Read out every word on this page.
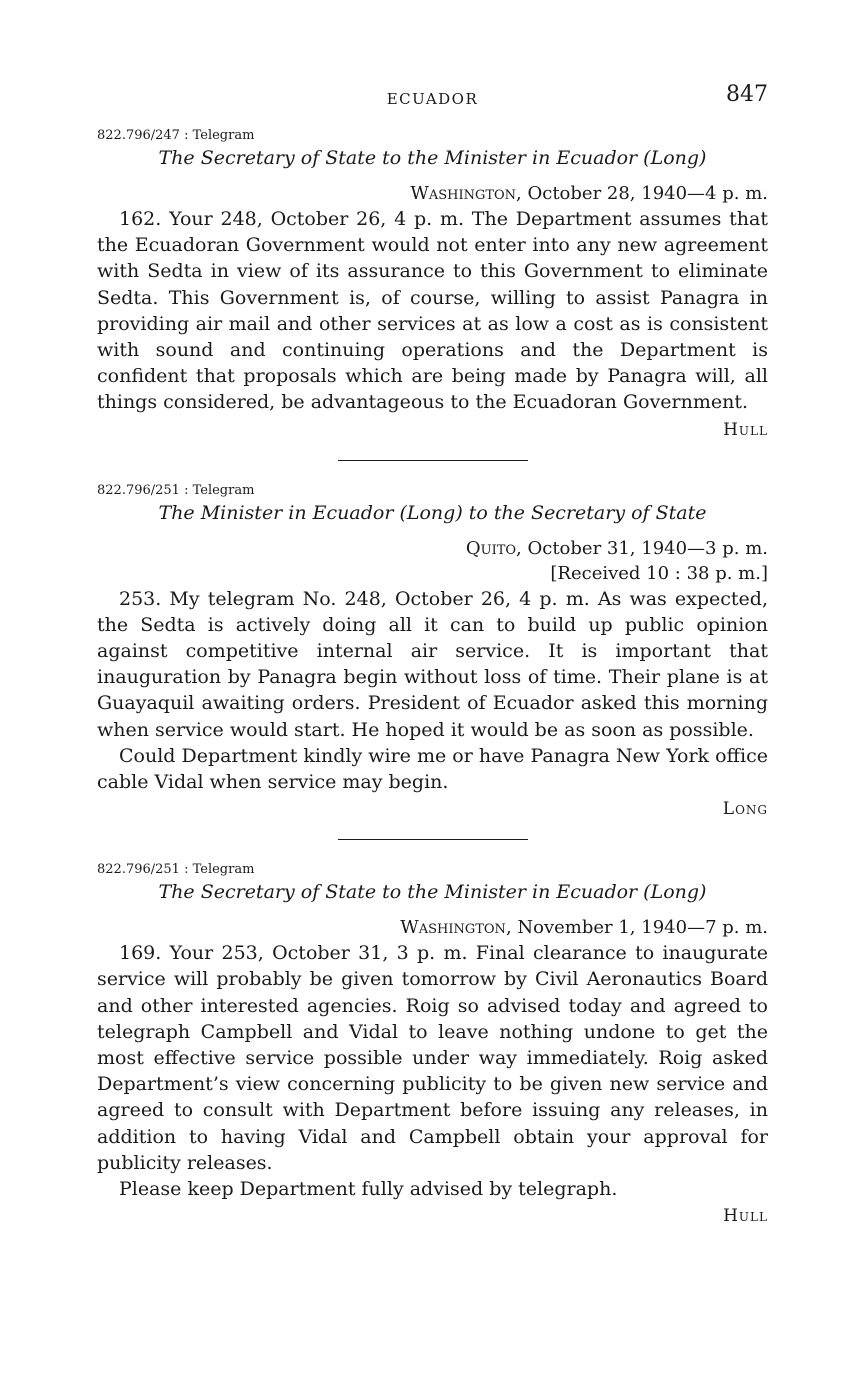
ECUADOR	847
822.796/247 : Telegram
The Secretary of State to the Minister in Ecuador (Long)
Washington, October 28, 1940—4 p. m.

162. Your 248, October 26, 4 p. m. The Department assumes that the Ecuadoran Government would not enter into any new agreement with Sedta in view of its assurance to this Government to eliminate Sedta. This Government is, of course, willing to assist Panagra in providing air mail and other services at as low a cost as is consistent with sound and continuing operations and the Department is confident that proposals which are being made by Panagra will, all things considered, be advantageous to the Ecuadoran Government.

Hull
822.796/251 : Telegram
The Minister in Ecuador (Long) to the Secretary of State
Quito, October 31, 1940—3 p. m.
[Received 10 : 38 p. m.]

253. My telegram No. 248, October 26, 4 p. m. As was expected, the Sedta is actively doing all it can to build up public opinion against competitive internal air service. It is important that inauguration by Panagra begin without loss of time. Their plane is at Guayaquil awaiting orders. President of Ecuador asked this morning when service would start. He hoped it would be as soon as possible.

Could Department kindly wire me or have Panagra New York office cable Vidal when service may begin.

Long
822.796/251 : Telegram
The Secretary of State to the Minister in Ecuador (Long)
Washington, November 1, 1940—7 p. m.

169. Your 253, October 31, 3 p. m. Final clearance to inaugurate service will probably be given tomorrow by Civil Aeronautics Board and other interested agencies. Roig so advised today and agreed to telegraph Campbell and Vidal to leave nothing undone to get the most effective service possible under way immediately. Roig asked Department’s view concerning publicity to be given new service and agreed to consult with Department before issuing any releases, in addition to having Vidal and Campbell obtain your approval for publicity releases.

Please keep Department fully advised by telegraph.

Hull
